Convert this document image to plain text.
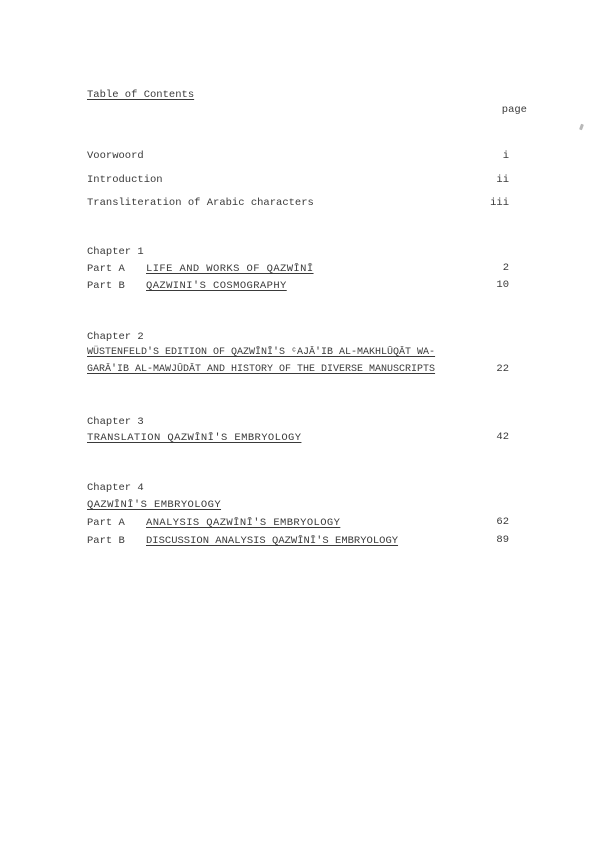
Table of Contents
page
Voorwoord	i
Introduction	ii
Transliteration of Arabic characters	iii
Chapter 1
Part A LIFE AND WORKS OF QAZWĪNĪ	2
Part B QAZWINI'S COSMOGRAPHY	10
Chapter 2
WÜSTENFELD'S EDITION OF QAZWĪNĪ'S ᶜAJĀ'IB AL-MAKHLŪQĀT WA-
GARĀ'IB AL-MAWJŪDĀT AND HISTORY OF THE DIVERSE MANUSCRIPTS	22
Chapter 3
TRANSLATION QAZWĪNĪ'S EMBRYOLOGY	42
Chapter 4
QAZWĪNĪ'S EMBRYOLOGY
Part A ANALYSIS QAZWĪNĪ'S EMBRYOLOGY	62
Part B DISCUSSION ANALYSIS QAZWĪNĪ'S EMBRYOLOGY	89
